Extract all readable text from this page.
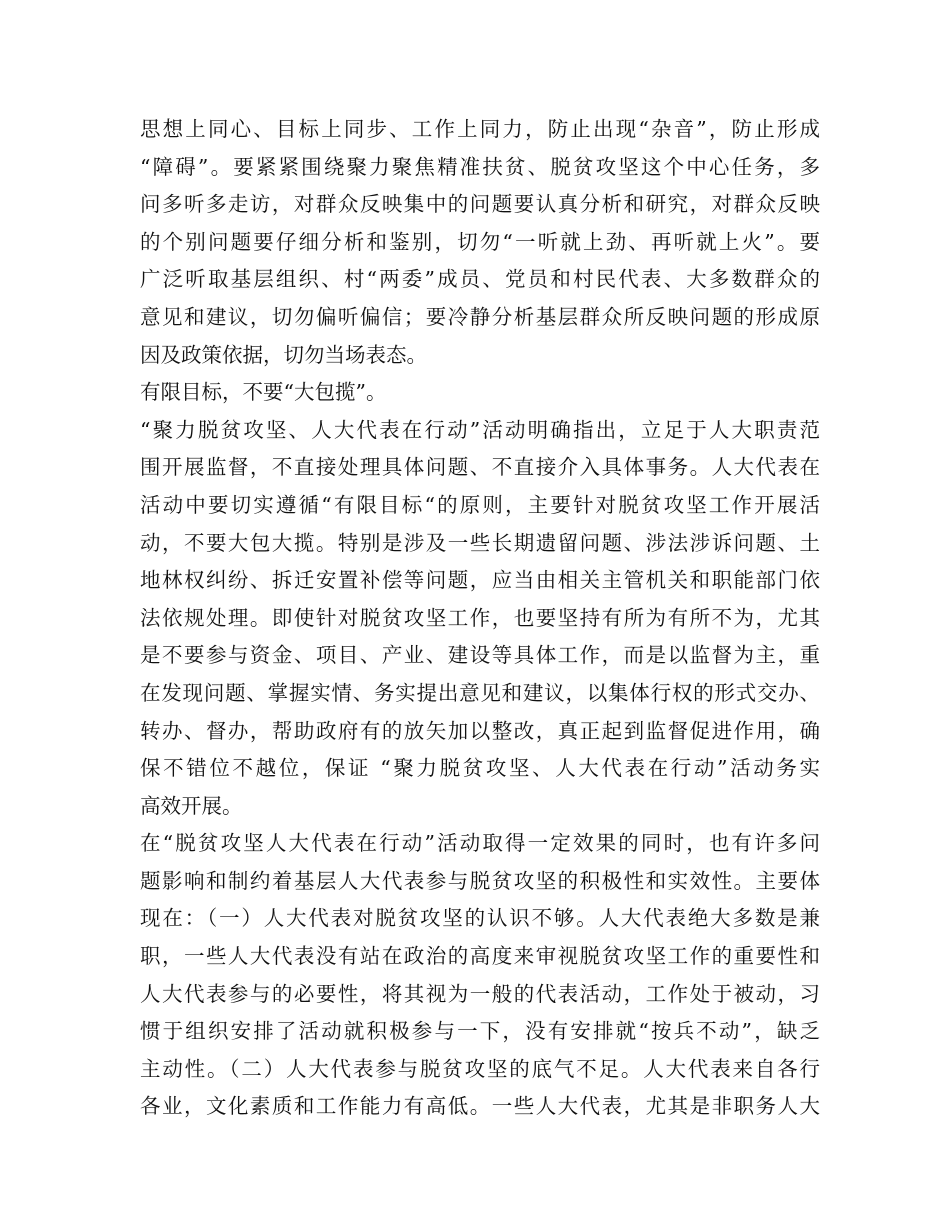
思想上同心、目标上同步、工作上同力，防止出现“杂音”，防止形成
“障碍”。要紧紧围绕聚力聚焦精准扶贫、脱贫攻坚这个中心任务，多
问多听多走访，对群众反映集中的问题要认真分析和研究，对群众反映
的个别问题要仔细分析和鉴别，切勿“一听就上劲、再听就上火”。要
广泛听取基层组织、村“两委”成员、党员和村民代表、大多数群众的
意见和建议，切勿偏听偏信；要冷静分析基层群众所反映问题的形成原
因及政策依据，切勿当场表态。
有限目标，不要“大包揽”。
“聚力脱贫攻坚、人大代表在行动”活动明确指出，立足于人大职责范
围开展监督，不直接处理具体问题、不直接介入具体事务。人大代表在
活动中要切实遵循“有限目标“的原则，主要针对脱贫攻坚工作开展活
动，不要大包大揽。特别是涉及一些长期遗留问题、涉法涉诉问题、土
地林权纠纷、拆迁安置补偿等问题，应当由相关主管机关和职能部门依
法依规处理。即使针对脱贫攻坚工作，也要坚持有所为有所不为，尤其
是不要参与资金、项目、产业、建设等具体工作，而是以监督为主，重
在发现问题、掌握实情、务实提出意见和建议，以集体行权的形式交办、
转办、督办，帮助政府有的放矢加以整改，真正起到监督促进作用，确
保不错位不越位，保证 “聚力脱贫攻坚、人大代表在行动”活动务实
高效开展。
在“脱贫攻坚人大代表在行动”活动取得一定效果的同时，也有许多问
题影响和制约着基层人大代表参与脱贫攻坚的积极性和实效性。主要体
现在：（一）人大代表对脱贫攻坚的认识不够。人大代表绝大多数是兼
职，一些人大代表没有站在政治的高度来审视脱贫攻坚工作的重要性和
人大代表参与的必要性，将其视为一般的代表活动，工作处于被动，习
惯于组织安排了活动就积极参与一下，没有安排就“按兵不动”，缺乏
主动性。（二）人大代表参与脱贫攻坚的底气不足。人大代表来自各行
各业，文化素质和工作能力有高低。一些人大代表，尤其是非职务人大
